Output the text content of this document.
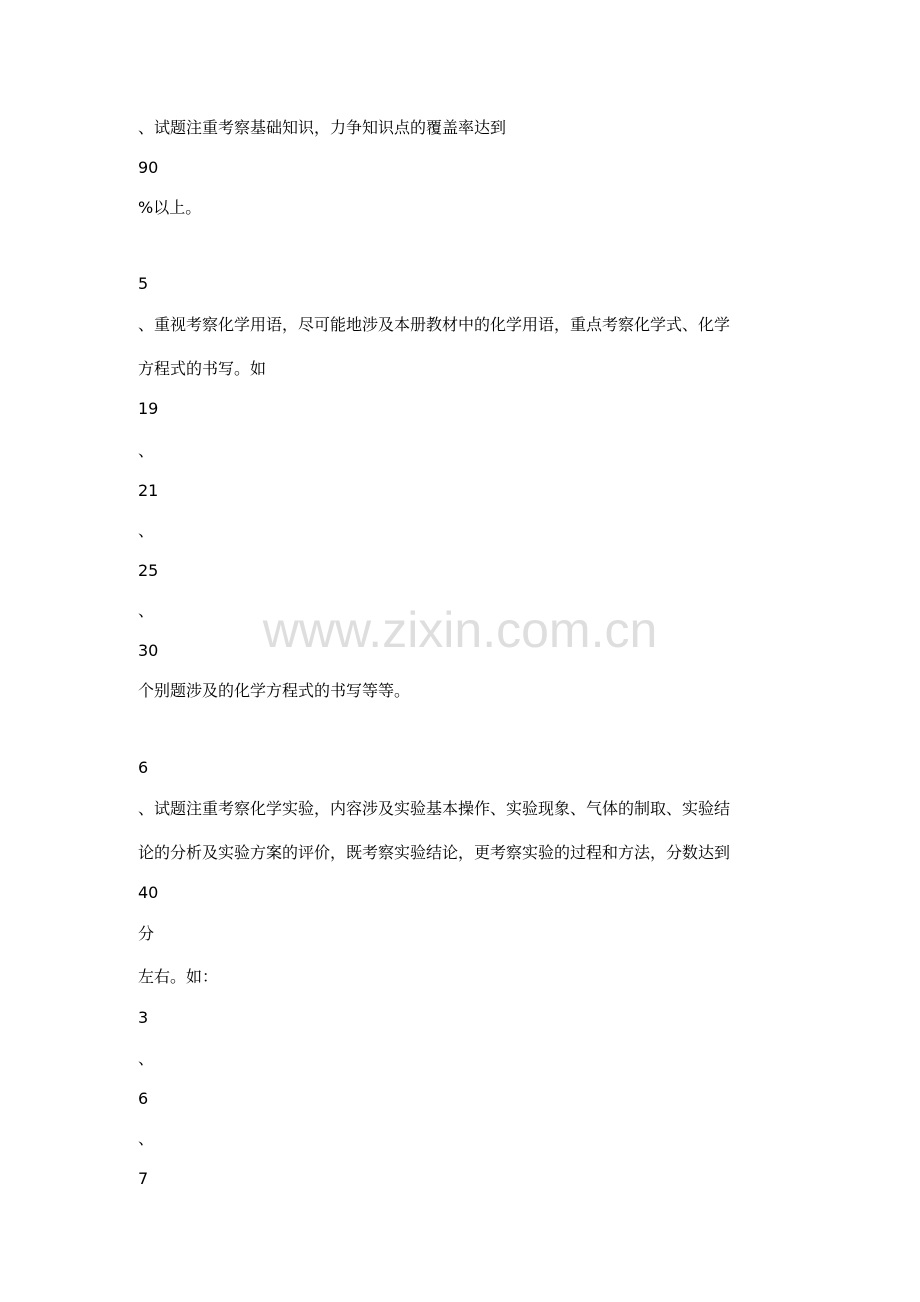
、试题注重考察基础知识，力争知识点的覆盖率达到
90
%以上。
5
、重视考察化学用语，尽可能地涉及本册教材中的化学用语，重点考察化学式、化学
方程式的书写。如
19
、
21
、
25
、
30
个别题涉及的化学方程式的书写等等。
6
、试题注重考察化学实验，内容涉及实验基本操作、实验现象、气体的制取、实验结
论的分析及实验方案的评价，既考察实验结论，更考察实验的过程和方法，分数达到
40
分
左右。如：
3
、
6
、
7
www.zixin.com.cn
